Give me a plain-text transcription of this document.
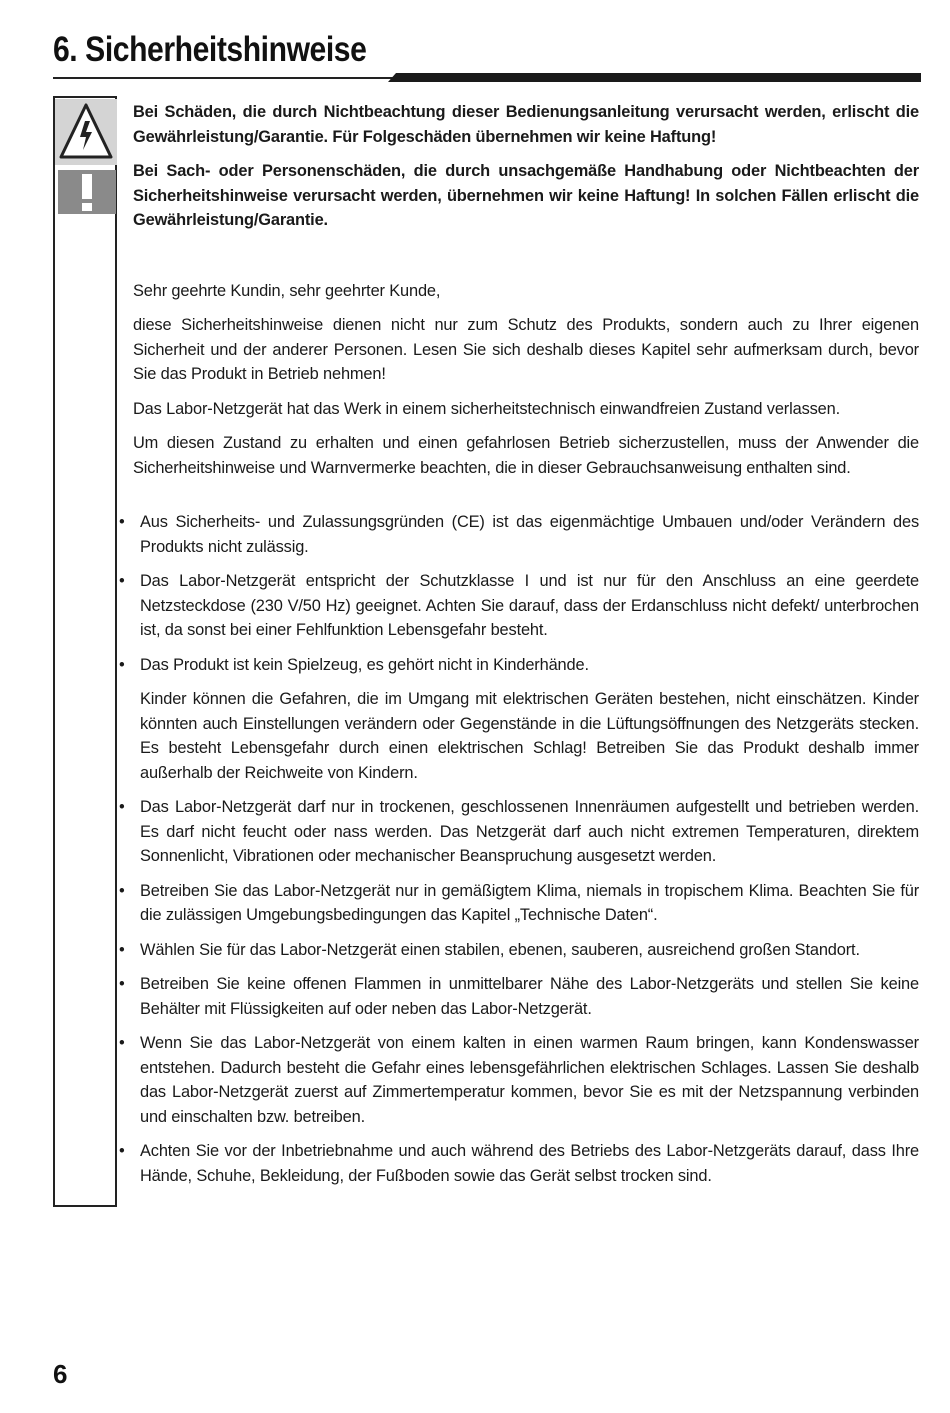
6. Sicherheitshinweise

Bei Schäden, die durch Nichtbeachtung dieser Bedienungsanleitung verursacht werden, erlischt die Gewährleistung/Garantie. Für Folgeschäden übernehmen wir keine Haftung!

Bei Sach- oder Personenschäden, die durch unsachgemäße Handhabung oder Nichtbeachten der Sicherheitshinweise verursacht werden, übernehmen wir keine Haftung! In solchen Fällen erlischt die Gewährleistung/Garantie.

Sehr geehrte Kundin, sehr geehrter Kunde,

diese Sicherheitshinweise dienen nicht nur zum Schutz des Produkts, sondern auch zu Ihrer eigenen Sicherheit und der anderer Personen. Lesen Sie sich deshalb dieses Kapitel sehr aufmerksam durch, bevor Sie das Produkt in Betrieb nehmen!

Das Labor-Netzgerät hat das Werk in einem sicherheitstechnisch einwandfreien Zustand verlassen.

Um diesen Zustand zu erhalten und einen gefahrlosen Betrieb sicherzustellen, muss der Anwender die Sicherheitshinweise und Warnvermerke beachten, die in dieser Gebrauchsanweisung enthalten sind.

• Aus Sicherheits- und Zulassungsgründen (CE) ist das eigenmächtige Umbauen und/oder Verändern des Produkts nicht zulässig.
• Das Labor-Netzgerät entspricht der Schutzklasse I und ist nur für den Anschluss an eine geerdete Netzsteckdose (230 V/50 Hz) geeignet. Achten Sie darauf, dass der Erdanschluss nicht defekt/ unterbrochen ist, da sonst bei einer Fehlfunktion Lebensgefahr besteht.
• Das Produkt ist kein Spielzeug, es gehört nicht in Kinderhände.
Kinder können die Gefahren, die im Umgang mit elektrischen Geräten bestehen, nicht einschätzen. Kinder könnten auch Einstellungen verändern oder Gegenstände in die Lüftungsöffnungen des Netzgeräts stecken. Es besteht Lebensgefahr durch einen elektrischen Schlag! Betreiben Sie das Produkt deshalb immer außerhalb der Reichweite von Kindern.
• Das Labor-Netzgerät darf nur in trockenen, geschlossenen Innenräumen aufgestellt und betrieben werden. Es darf nicht feucht oder nass werden. Das Netzgerät darf auch nicht extremen Temperaturen, direktem Sonnenlicht, Vibrationen oder mechanischer Beanspruchung ausgesetzt werden.
• Betreiben Sie das Labor-Netzgerät nur in gemäßigtem Klima, niemals in tropischem Klima. Beachten Sie für die zulässigen Umgebungsbedingungen das Kapitel „Technische Daten“.
• Wählen Sie für das Labor-Netzgerät einen stabilen, ebenen, sauberen, ausreichend großen Standort.
• Betreiben Sie keine offenen Flammen in unmittelbarer Nähe des Labor-Netzgeräts und stellen Sie keine Behälter mit Flüssigkeiten auf oder neben das Labor-Netzgerät.
• Wenn Sie das Labor-Netzgerät von einem kalten in einen warmen Raum bringen, kann Kondenswasser entstehen. Dadurch besteht die Gefahr eines lebensgefährlichen elektrischen Schlages. Lassen Sie deshalb das Labor-Netzgerät zuerst auf Zimmertemperatur kommen, bevor Sie es mit der Netzspannung verbinden und einschalten bzw. betreiben.
• Achten Sie vor der Inbetriebnahme und auch während des Betriebs des Labor-Netzgeräts darauf, dass Ihre Hände, Schuhe, Bekleidung, der Fußboden sowie das Gerät selbst trocken sind.
6
